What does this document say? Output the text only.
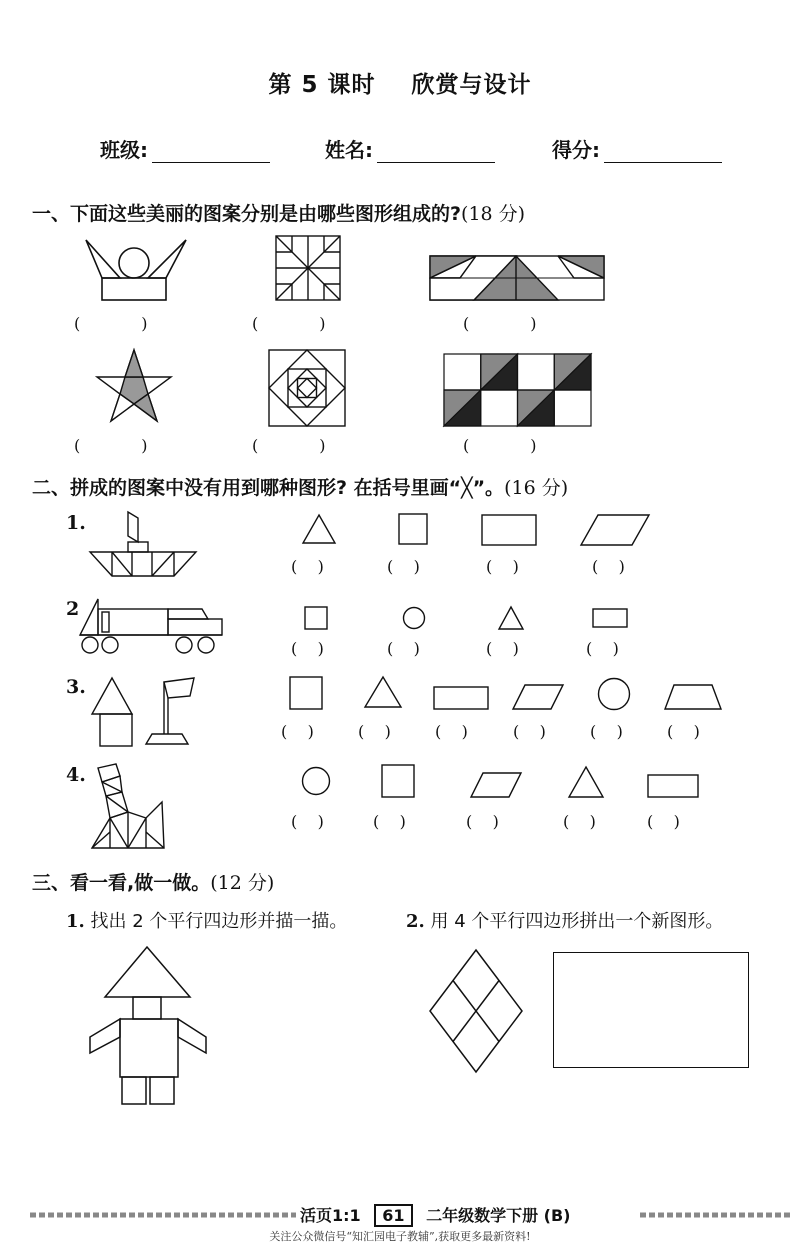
第 5 课时 欣赏与设计
班级:	姓名:	得分:
一、下面这些美丽的图案分别是由哪些图形组成的?(18 分)
(            )	(            )	(            )
(            )	(            )	(            )
二、拼成的图案中没有用到哪种图形? 在括号里画“╳”。(16 分)
1.
(    )	(    )	(    )	(    )
2
(    )	(    )	(    )	(    )
3.
(    )	(    )	(    )	(    )	(    )	(    )
4.
(    )	(    )	(    )	(    )	(    )
三、看一看,做一做。(12 分)
1. 找出 2 个平行四边形并描一描。	2. 用 4 个平行四边形拼出一个新图形。
活页1:1 61 二年级数学下册 (B)
关注公众微信号“知汇园电子教辅”,获取更多最新资料!
